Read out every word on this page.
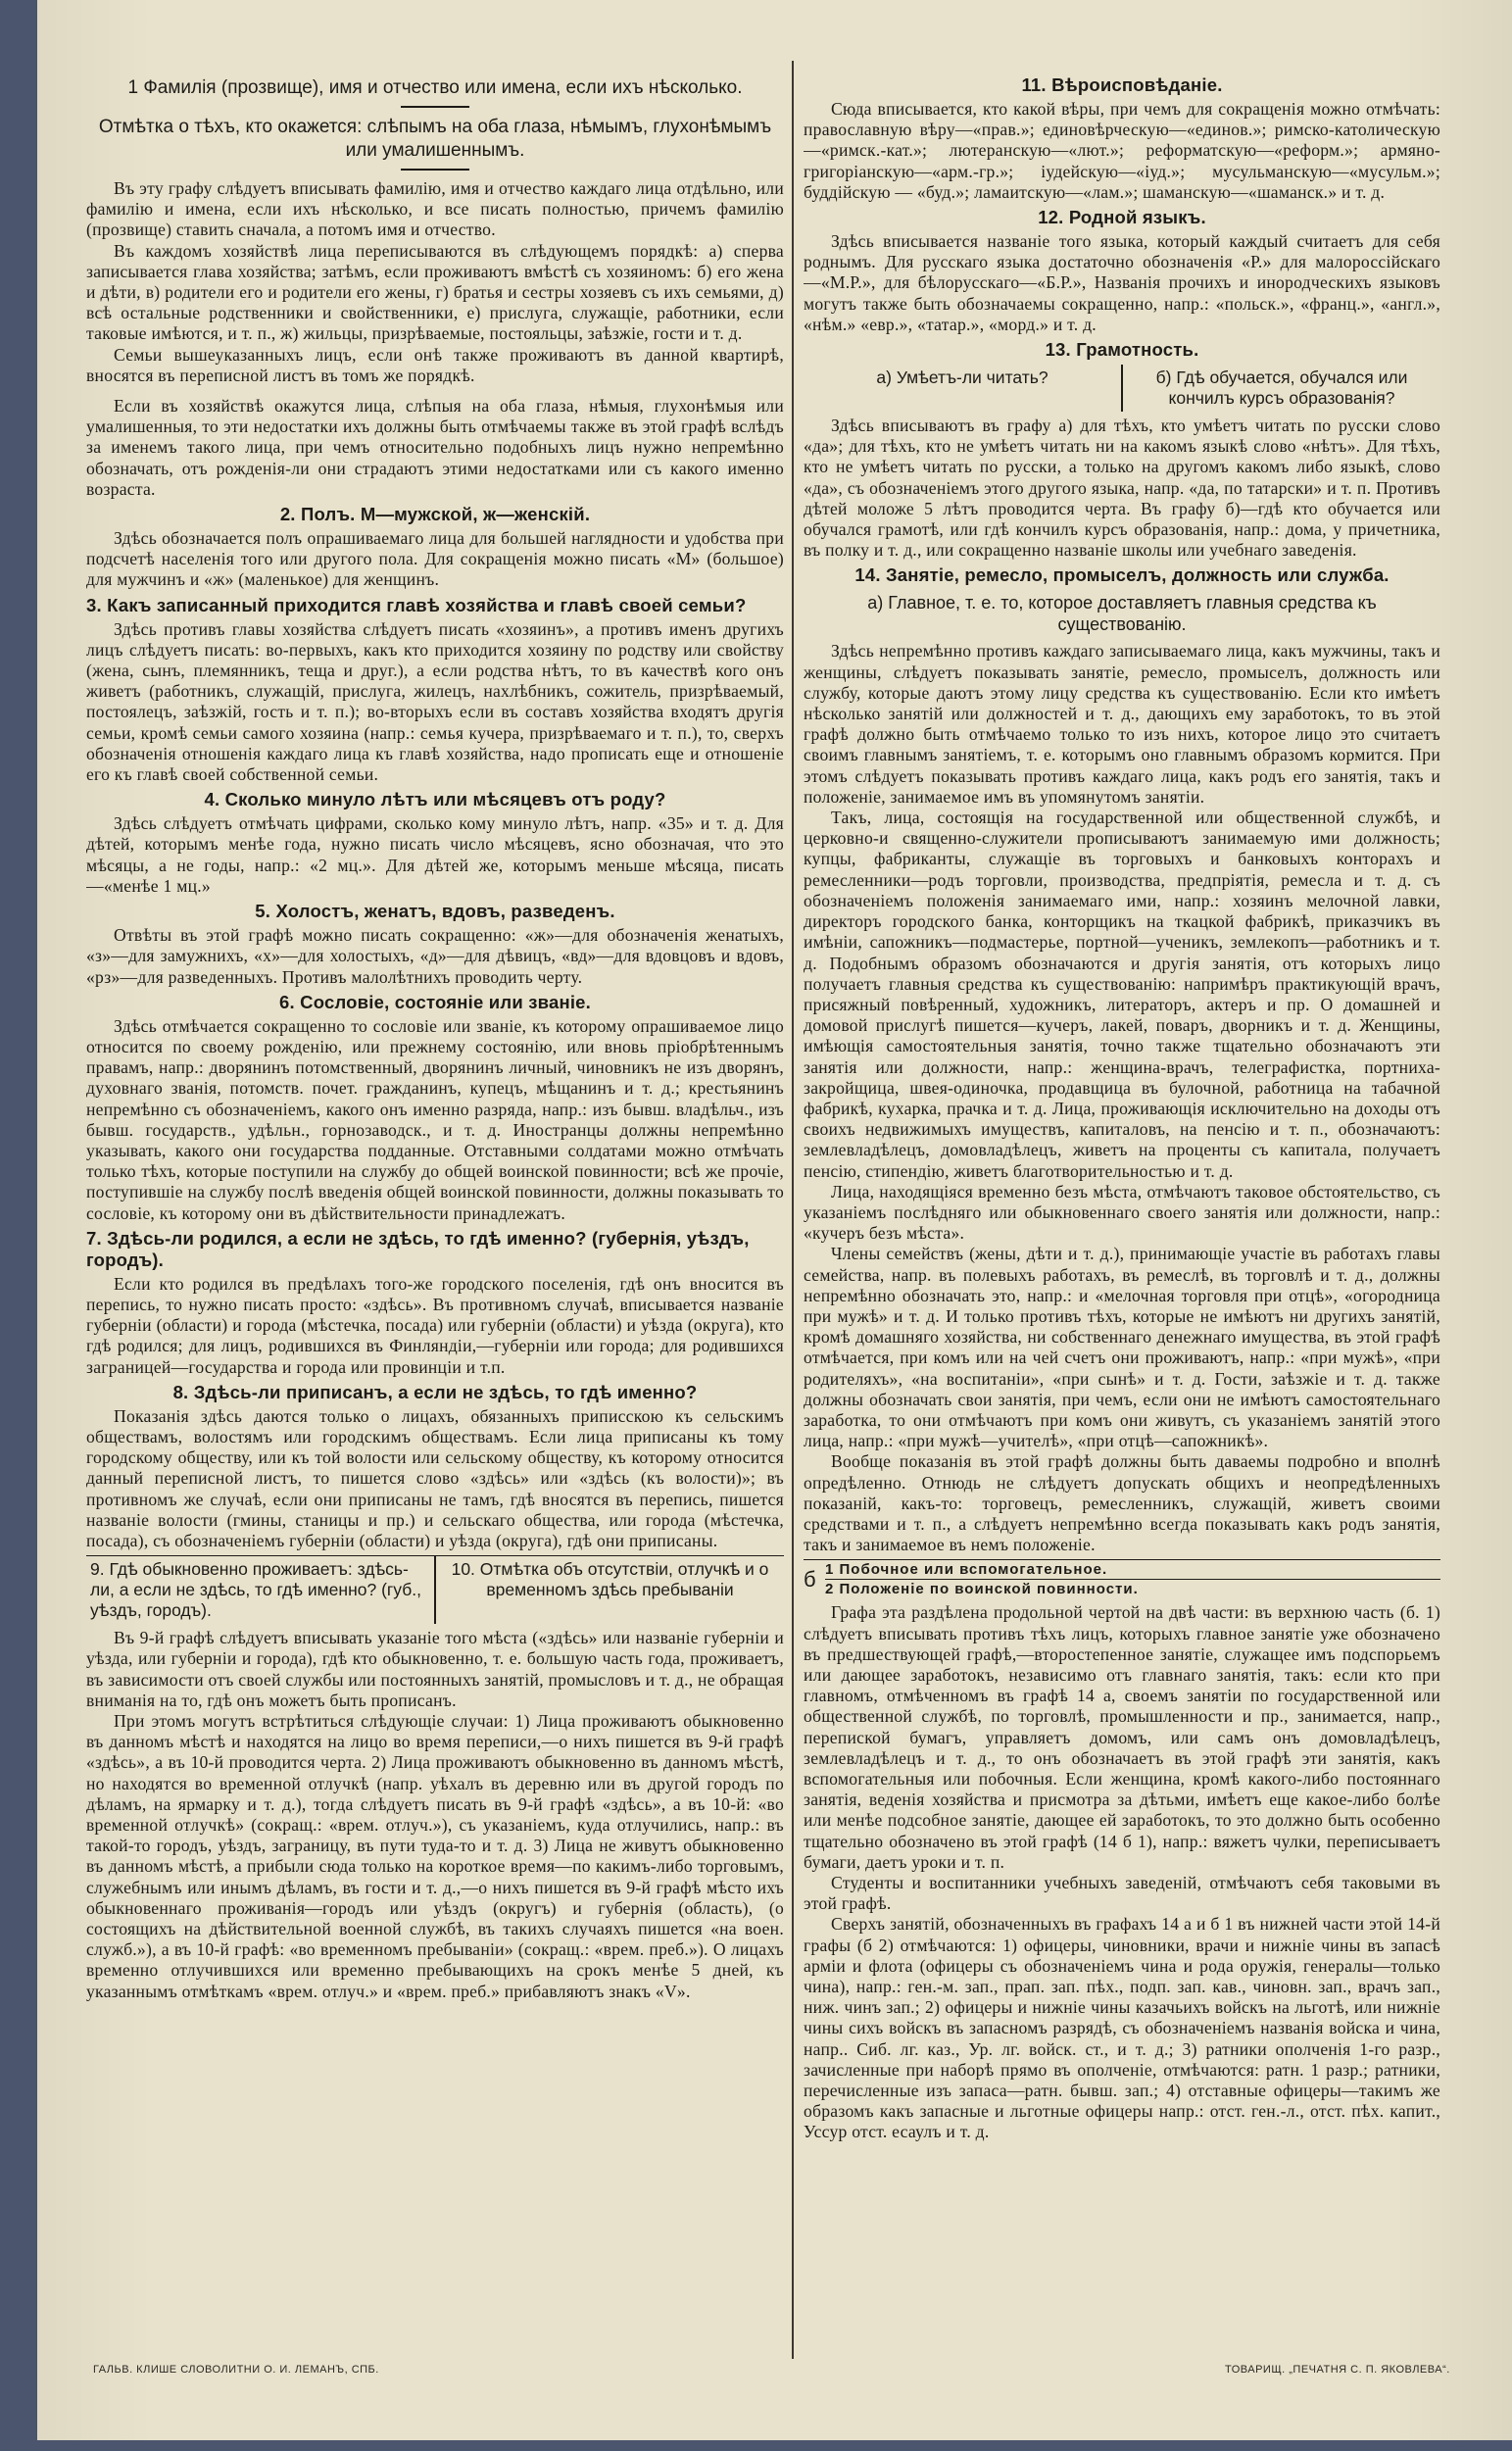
1 Фамилія (прозвище), имя и отчество или имена, если ихъ нѣсколько.
Отмѣтка о тѣхъ, кто окажется: слѣпымъ на оба глаза, нѣмымъ, глухонѣмымъ или умалишеннымъ.

Въ эту графу слѣдуетъ вписывать фамилію, имя и отчество каждаго лица отдѣльно, или фамилію и имена, если ихъ нѣсколько, и все писать полностью, причемъ фамилію (прозвище) ставить сначала, а потомъ имя и отчество.

Въ каждомъ хозяйствѣ лица переписываются въ слѣдующемъ порядкѣ: а) сперва записывается глава хозяйства; затѣмъ, если проживаютъ вмѣстѣ съ хозяиномъ: б) его жена и дѣти, в) родители его и родители его жены, г) братья и сестры хозяевъ съ ихъ семьями, д) всѣ остальные родственники и свойственники, е) прислуга, служащіе, работники, если таковые имѣются, и т. п., ж) жильцы, призрѣваемые, постояльцы, заѣзжіе, гости и т. д.

Семьи вышеуказанныхъ лицъ, если онѣ также проживаютъ въ данной квартирѣ, вносятся въ переписной листъ въ томъ же порядкѣ.

Если въ хозяйствѣ окажутся лица, слѣпыя на оба глаза, нѣмыя, глухонѣмыя или умалишенныя, то эти недостатки ихъ должны быть отмѣчаемы также въ этой графѣ вслѣдъ за именемъ такого лица, при чемъ относительно подобныхъ лицъ нужно непремѣнно обозначать, отъ рожденія-ли они страдаютъ этими недостатками или съ какого именно возраста.

2. Полъ. М—мужской, ж—женскій.

Здѣсь обозначается полъ опрашиваемаго лица для большей наглядности и удобства при подсчетѣ населенія того или другого пола. Для сокращенія можно писать «М» (большое) для мужчинъ и «ж» (маленькое) для женщинъ.

3. Какъ записанный приходится главѣ хозяйства и главѣ своей семьи?

Здѣсь противъ главы хозяйства слѣдуетъ писать «хозяинъ», а противъ именъ другихъ лицъ слѣдуетъ писать: во-первыхъ, какъ кто приходится хозяину по родству или свойству (жена, сынъ, племянникъ, теща и друг.), а если родства нѣтъ, то въ качествѣ кого онъ живетъ (работникъ, служащій, прислуга, жилецъ, нахлѣбникъ, сожитель, призрѣваемый, постоялецъ, заѣзжій, гость и т. п.); во-вторыхъ если въ составъ хозяйства входятъ другія семьи, кромѣ семьи самого хозяина (напр.: семья кучера, призрѣваемаго и т. п.), то, сверхъ обозначенія отношенія каждаго лица къ главѣ хозяйства, надо прописать еще и отношеніе его къ главѣ своей собственной семьи.

4. Сколько минуло лѣтъ или мѣсяцевъ отъ роду?

Здѣсь слѣдуетъ отмѣчать цифрами, сколько кому минуло лѣтъ, напр. «35» и т. д. Для дѣтей, которымъ менѣе года, нужно писать число мѣсяцевъ, ясно обозначая, что это мѣсяцы, а не годы, напр.: «2 мц.». Для дѣтей же, которымъ меньше мѣсяца, писать—«менѣе 1 мц.»

5. Холостъ, женатъ, вдовъ, разведенъ.

Отвѣты въ этой графѣ можно писать сокращенно: «ж»—для обозначенія женатыхъ, «з»—для замужнихъ, «х»—для холостыхъ, «д»—для дѣвицъ, «вд»—для вдовцовъ и вдовъ, «рз»—для разведенныхъ. Противъ малолѣтнихъ проводить черту.

6. Сословіе, состояніе или званіе.

Здѣсь отмѣчается сокращенно то сословіе или званіе, къ которому опрашиваемое лицо относится по своему рожденію, или прежнему состоянію, или вновь пріобрѣтеннымъ правамъ, напр.: дворянинъ потомственный, дворянинъ личный, чиновникъ не изъ дворянъ, духовнаго званія, потомств. почет. гражданинъ, купецъ, мѣщанинъ и т. д.; крестьянинъ непремѣнно съ обозначеніемъ, какого онъ именно разряда, напр.: изъ бывш. владѣльч., изъ бывш. государств., удѣльн., горнозаводск., и т. д. Иностранцы должны непремѣнно указывать, какого они государства подданные. Отставными солдатами можно отмѣчать только тѣхъ, которые поступили на службу до общей воинской повинности; всѣ же прочіе, поступившіе на службу послѣ введенія общей воинской повинности, должны показывать то сословіе, къ которому они въ дѣйствительности принадлежатъ.

7. Здѣсь-ли родился, а если не здѣсь, то гдѣ именно? (губернія, уѣздъ, городъ).

Если кто родился въ предѣлахъ того-же городского поселенія, гдѣ онъ вносится въ перепись, то нужно писать просто: «здѣсь». Въ противномъ случаѣ, вписывается названіе губерніи (области) и города (мѣстечка, посада) или губерніи (области) и уѣзда (округа), кто гдѣ родился; для лицъ, родившихся въ Финляндіи,—губерніи или города; для родившихся заграницей—государства и города или провинціи и т.п.

8. Здѣсь-ли приписанъ, а если не здѣсь, то гдѣ именно?

Показанія здѣсь даются только о лицахъ, обязанныхъ приписскою къ сельскимъ обществамъ, волостямъ или городскимъ обществамъ. Если лица приписаны къ тому городскому обществу, или къ той волости или сельскому обществу, къ которому относится данный переписной листъ, то пишется слово «здѣсь» или «здѣсь (къ волости)»; въ противномъ же случаѣ, если они приписаны не тамъ, гдѣ вносятся въ перепись, пишется названіе волости (гмины, станицы и пр.) и сельскаго общества, или города (мѣстечка, посада), съ обозначеніемъ губерніи (области) и уѣзда (округа), гдѣ они приписаны.

9. Гдѣ обыкновенно проживаетъ: здѣсь-ли, а если не здѣсь, то гдѣ именно? (губ., уѣздъ, городъ).
10. Отмѣтка объ отсутствіи, отлучкѣ и о временномъ здѣсь пребываніи

Въ 9-й графѣ слѣдуетъ вписывать указаніе того мѣста («здѣсь» или названіе губерніи и уѣзда, или губерніи и города), гдѣ кто обыкновенно, т. е. большую часть года, проживаетъ, въ зависимости отъ своей службы или постоянныхъ занятій, промысловъ и т. д., не обращая вниманія на то, гдѣ онъ можетъ быть прописанъ.

При этомъ могутъ встрѣтиться слѣдующіе случаи: 1) Лица проживаютъ обыкновенно въ данномъ мѣстѣ и находятся на лицо во время переписи,—о нихъ пишется въ 9-й графѣ «здѣсь», а въ 10-й проводится черта. 2) Лица проживаютъ обыкновенно въ данномъ мѣстѣ, но находятся во временной отлучкѣ (напр. уѣхалъ въ деревню или въ другой городъ по дѣламъ, на ярмарку и т. д.), тогда слѣдуетъ писать въ 9-й графѣ «здѣсь», а въ 10-й: «во временной отлучкѣ» (сокращ.: «врем. отлуч.»), съ указаніемъ, куда отлучились, напр.: въ такой-то городъ, уѣздъ, заграницу, въ пути туда-то и т. д. 3) Лица не живутъ обыкновенно въ данномъ мѣстѣ, а прибыли сюда только на короткое время—по какимъ-либо торговымъ, служебнымъ или инымъ дѣламъ, въ гости и т. д.,—о нихъ пишется въ 9-й графѣ мѣсто ихъ обыкновеннаго проживанія—городъ или уѣздъ (округъ) и губернія (область), (о состоящихъ на дѣйствительной военной службѣ, въ такихъ случаяхъ пишется «на воен. служб.»), а въ 10-й графѣ: «во временномъ пребываніи» (сокращ.: «врем. преб.»). О лицахъ временно отлучившихся или временно пребывающихъ на срокъ менѣе 5 дней, къ указаннымъ отмѣткамъ «врем. отлуч.» и «врем. преб.» прибавляютъ знакъ «V».

11. Вѣроисповѣданіе.

Сюда вписывается, кто какой вѣры, при чемъ для сокращенія можно отмѣчать: православную вѣру—«прав.»; единовѣрческую—«единов.»; римско-католическую—«римск.-кат.»; лютеранскую—«лют.»; реформатскую—«реформ.»; армяно-григоріанскую—«арм.-гр.»; іудейскую—«іуд.»; мусульманскую—«мусульм.»; буддійскую — «буд.»; ламаитскую—«лам.»; шаманскую—«шаманск.» и т. д.

12. Родной языкъ.

Здѣсь вписывается названіе того языка, который каждый считаетъ для себя роднымъ. Для русскаго языка достаточно обозначенія «Р.» для малороссійскаго—«М.Р.», для бѣлорусскаго—«Б.Р.», Названія прочихъ и инородческихъ языковъ могутъ также быть обозначаемы сокращенно, напр.: «польск.», «франц.», «англ.», «нѣм.» «евр.», «татар.», «морд.» и т. д.

13. Грамотность.
а) Умѣетъ-ли читать?	б) Гдѣ обучается, обучался или кончилъ курсъ образованія?

Здѣсь вписываютъ въ графу а) для тѣхъ, кто умѣетъ читать по русски слово «да»; для тѣхъ, кто не умѣетъ читать ни на какомъ языкѣ слово «нѣтъ». Для тѣхъ, кто не умѣетъ читать по русски, а только на другомъ какомъ либо языкѣ, слово «да», съ обозначеніемъ этого другого языка, напр. «да, по татарски» и т. п. Противъ дѣтей моложе 5 лѣтъ проводится черта. Въ графу б)—гдѣ кто обучается или обучался грамотѣ, или гдѣ кончилъ курсъ образованія, напр.: дома, у причетника, въ полку и т. д., или сокращенно названіе школы или учебнаго заведенія.

14. Занятіе, ремесло, промыселъ, должность или служба.
а) Главное, т. е. то, которое доставляетъ главныя средства къ существованію.

Здѣсь непремѣнно противъ каждаго записываемаго лица, какъ мужчины, такъ и женщины, слѣдуетъ показывать занятіе, ремесло, промыселъ, должность или службу, которые даютъ этому лицу средства къ существованію. Если кто имѣетъ нѣсколько занятій или должностей и т. д., дающихъ ему заработокъ, то въ этой графѣ должно быть отмѣчаемо только то изъ нихъ, которое лицо это считаетъ своимъ главнымъ занятіемъ, т. е. которымъ оно главнымъ образомъ кормится. При этомъ слѣдуетъ показывать противъ каждаго лица, какъ родъ его занятія, такъ и положеніе, занимаемое имъ въ упомянутомъ занятіи.

Такъ, лица, состоящія на государственной или общественной службѣ, и церковно-и священно-служители прописываютъ занимаемую ими должность; купцы, фабриканты, служащіе въ торговыхъ и банковыхъ конторахъ и ремесленники—родъ торговли, производства, предпріятія, ремесла и т. д. съ обозначеніемъ положенія занимаемаго ими, напр.: хозяинъ мелочной лавки, директоръ городского банка, конторщикъ на ткацкой фабрикѣ, приказчикъ въ имѣніи, сапожникъ—подмастерье, портной—ученикъ, землекопъ—работникъ и т. д. Подобнымъ образомъ обозначаются и другія занятія, отъ которыхъ лицо получаетъ главныя средства къ существованію: напримѣръ практикующій врачъ, присяжный повѣренный, художникъ, литераторъ, актеръ и пр. О домашней и домовой прислугѣ пишется—кучеръ, лакей, поваръ, дворникъ и т. д. Женщины, имѣющія самостоятельныя занятія, точно также тщательно обозначаютъ эти занятія или должности, напр.: женщина-врачъ, телеграфистка, портниха-закройщица, швея-одиночка, продавщица въ булочной, работница на табачной фабрикѣ, кухарка, прачка и т. д. Лица, проживающія исключительно на доходы отъ своихъ недвижимыхъ имуществъ, капиталовъ, на пенсію и т. п., обозначаютъ: землевладѣлецъ, домовладѣлецъ, живетъ на проценты съ капитала, получаетъ пенсію, стипендію, живетъ благотворительностью и т. д.

Лица, находящіяся временно безъ мѣста, отмѣчаютъ таковое обстоятельство, съ указаніемъ послѣдняго или обыкновеннаго своего занятія или должности, напр.: «кучеръ безъ мѣста».

Члены семействъ (жены, дѣти и т. д.), принимающіе участіе въ работахъ главы семейства, напр. въ полевыхъ работахъ, въ ремеслѣ, въ торговлѣ и т. д., должны непремѣнно обозначать это, напр.: и «мелочная торговля при отцѣ», «огородница при мужѣ» и т. д. И только противъ тѣхъ, которые не имѣютъ ни другихъ занятій, кромѣ домашняго хозяйства, ни собственнаго денежнаго имущества, въ этой графѣ отмѣчается, при комъ или на чей счетъ они проживаютъ, напр.: «при мужѣ», «при родителяхъ», «на воспитаніи», «при сынѣ» и т. д. Гости, заѣзжіе и т. д. также должны обозначать свои занятія, при чемъ, если они не имѣютъ самостоятельнаго заработка, то они отмѣчаютъ при комъ они живутъ, съ указаніемъ занятій этого лица, напр.: «при мужѣ—учителѣ», «при отцѣ—сапожникѣ».

Вообще показанія въ этой графѣ должны быть даваемы подробно и вполнѣ опредѣленно. Отнюдь не слѣдуетъ допускать общихъ и неопредѣленныхъ показаній, какъ-то: торговецъ, ремесленникъ, служащій, живетъ своими средствами и т. п., а слѣдуетъ непремѣнно всегда показывать какъ родъ занятія, такъ и занимаемое въ немъ положеніе.

б 1 Побочное или вспомогательное.
2 Положеніе по воинской повинности.

Графа эта раздѣлена продольной чертой на двѣ части: въ верхнюю часть (б. 1) слѣдуетъ вписывать противъ тѣхъ лицъ, которыхъ главное занятіе уже обозначено въ предшествующей графѣ,—второстепенное занятіе, служащее имъ подспорьемъ или дающее заработокъ, независимо отъ главнаго занятія, такъ: если кто при главномъ, отмѣченномъ въ графѣ 14 а, своемъ занятіи по государственной или общественной службѣ, по торговлѣ, промышленности и пр., занимается, напр., перепиской бумагъ, управляетъ домомъ, или самъ онъ домовладѣлецъ, землевладѣлецъ и т. д., то онъ обозначаетъ въ этой графѣ эти занятія, какъ вспомогательныя или побочныя. Если женщина, кромѣ какого-либо постояннаго занятія, веденія хозяйства и присмотра за дѣтьми, имѣетъ еще какое-либо болѣе или менѣе подсобное занятіе, дающее ей заработокъ, то это должно быть особенно тщательно обозначено въ этой графѣ (14 б 1), напр.: вяжетъ чулки, переписываетъ бумаги, даетъ уроки и т. п.

Студенты и воспитанники учебныхъ заведеній, отмѣчаютъ себя таковыми въ этой графѣ.

Сверхъ занятій, обозначенныхъ въ графахъ 14 а и б 1 въ нижней части этой 14-й графы (б 2) отмѣчаются: 1) офицеры, чиновники, врачи и нижніе чины въ запасѣ арміи и флота (офицеры съ обозначеніемъ чина и рода оружія, генералы—только чина), напр.: ген.-м. зап., прап. зап. пѣх., подп. зап. кав., чиновн. зап., врачъ зап., ниж. чинъ зап.; 2) офицеры и нижніе чины казачьихъ войскъ на льготѣ, или нижніе чины сихъ войскъ въ запасномъ разрядѣ, съ обозначеніемъ названія войска и чина, напр.. Сиб. лг. каз., Ур. лг. войск. ст., и т. д.; 3) ратники ополченія 1-го разр., зачисленные при наборѣ прямо въ ополченіе, отмѣчаются: ратн. 1 разр.; ратники, перечисленные изъ запаса—ратн. бывш. зап.; 4) отставные офицеры—такимъ же образомъ какъ запасные и льготные офицеры напр.: отст. ген.-л., отст. пѣх. капит., Уссур отст. есаулъ и т. д.

ГАЛЬВ. КЛИШЕ СЛОВОЛИТНИ О. И. ЛЕМАНЪ, СПБ.	ТОВАРИЩ. „ПЕЧАТНЯ С. П. ЯКОВЛЕВА“.
